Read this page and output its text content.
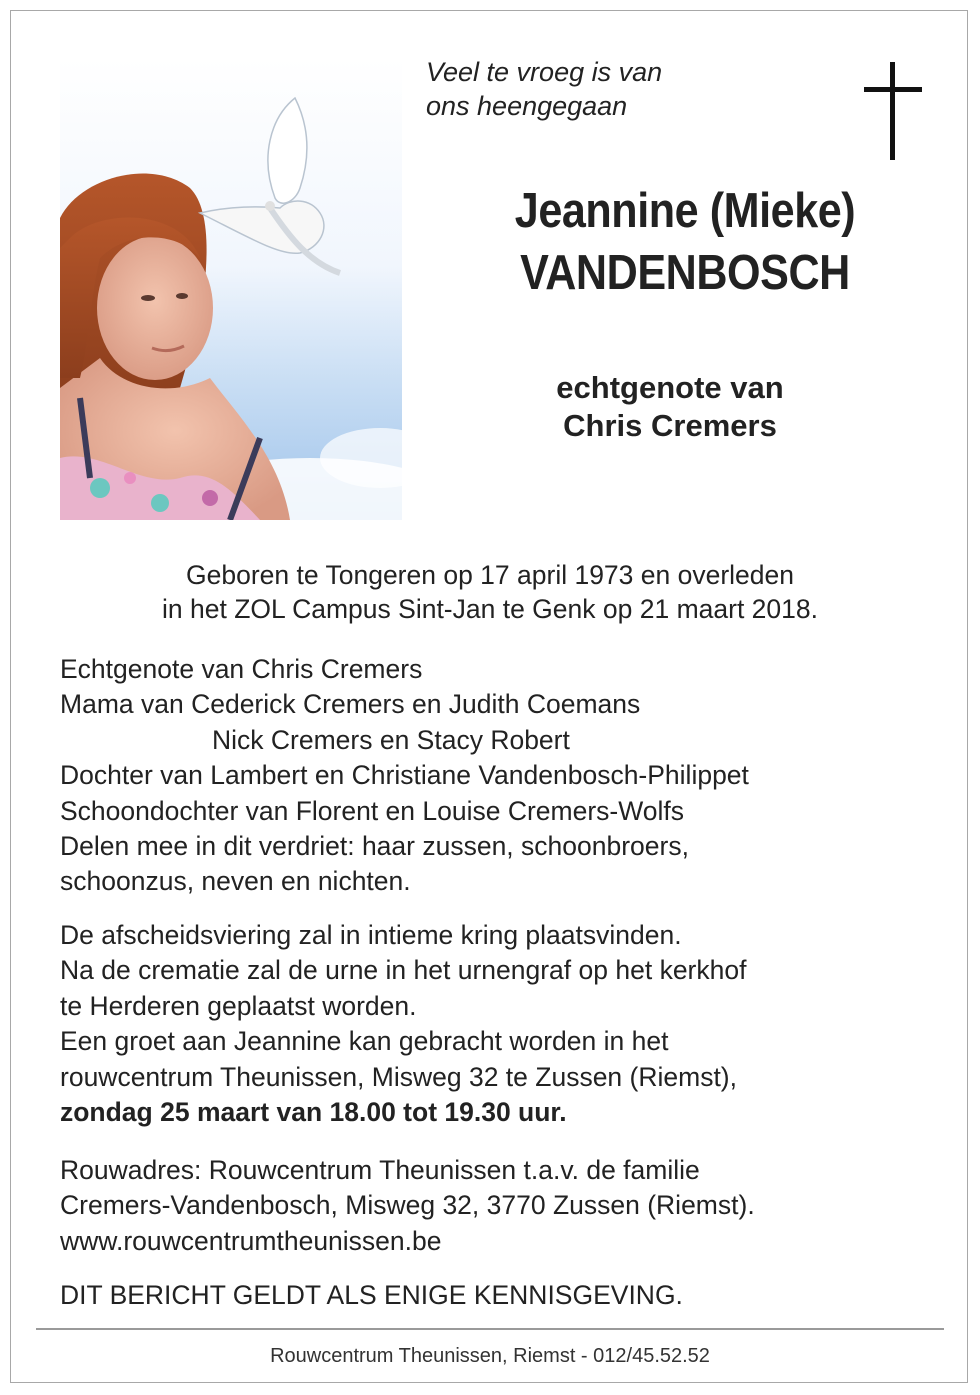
Veel te vroeg is van
ons heengegaan
Jeannine (Mieke)
VANDENBOSCH
echtgenote van
Chris Cremers
Geboren te Tongeren op 17 april 1973 en overleden
in het ZOL Campus Sint-Jan te Genk op 21 maart 2018.
Echtgenote van Chris Cremers
Mama van Cederick Cremers en Judith Coemans
Nick Cremers en Stacy Robert
Dochter van Lambert en Christiane Vandenbosch-Philippet
Schoondochter van Florent en Louise Cremers-Wolfs
Delen mee in dit verdriet: haar zussen, schoonbroers,
schoonzus, neven en nichten.
De afscheidsviering zal in intieme kring plaatsvinden.
Na de crematie zal de urne in het urnengraf op het kerkhof
te Herderen geplaatst worden.
Een groet aan Jeannine kan gebracht worden in het
rouwcentrum Theunissen, Misweg 32 te Zussen (Riemst),
zondag 25 maart van 18.00 tot 19.30 uur.
Rouwadres: Rouwcentrum Theunissen t.a.v. de familie
Cremers-Vandenbosch, Misweg 32, 3770 Zussen (Riemst).
www.rouwcentrumtheunissen.be
DIT BERICHT GELDT ALS ENIGE KENNISGEVING.
Rouwcentrum Theunissen, Riemst - 012/45.52.52
